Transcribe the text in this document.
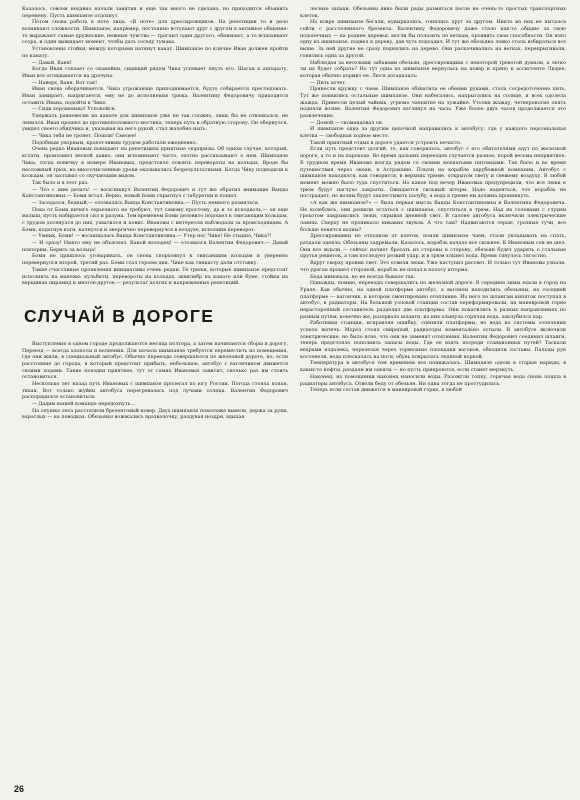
Казалось, совсем недавно начали занятия и еще так много не сделано, но приходится объявить перемену. Пусть шимпанзе отдохнут.

Потом снова работа в поте лица. «В поте» для дрессировщиков. На репетиции то и дело возникают сложности. Шимпанзе, например, постоянно вступают друг с другом в активное общение: то выражают самые дружеские, нежные чувства — трогают один другого, обнимают, а то вспыхивает ссора, и один выжидает момент, чтобы дать соседу тумака.

Установлены стойки, между которыми натянут канат. Шимпанзе по кличке Иван должен пройти по канату.

— Давай, Ваня!

Когда Иван слезает со скамейки, сидящий рядом Чика успевает пнуть его. Шагая к аппарату, Иван все оглядывается на драчуна.

— Наверх, Ваня. Вот так!

Иван снова оборачивается. Чика угрожающе приподнимается, будто собирается преследовать. Иван замирает, напрягается, ему не до исполнения трюка. Валентину Федоровичу приходится оставить Ивана, подойти к Чике.

— Сиди хорошенько! Успокойся.

Удержать равновесие на канате для шимпанзе уже не так сложно, лишь бы не отвлекался, не ленился. Иван прошел до противоположного мостика, теперь путь в обратную сторону. Он обернулся, увидел своего обидчика и, указывая на него рукой, стал жалобно ныть.

— Чика тебя не тронет. Пошли! Смелее!

Подобным упорным, кропотливым трудом работали ежедневно.

Очень редко Ивановых покидают на репетициях приятные сюрпризы. Об одном случае, который, кстати, произошел весной давно, они вспоминают часто, охотно рассказывают о нем. Шимпанзе Чика, тогда новичку в номере Ивановых, предстояло освоить перевороты на кольцах. Вроде бы несложный трюк, но многочисленные уроки оказывались безрезультатными. Когда Чику подводили к кольцам, он застывал со скучающим видом.

Так было и в этот раз.

— Что с ним делать! — воскликнул Валентин Федорович и тут же обратил внимание Ванды Константиновны.— Боми встал. Верно, новый Боми спрыгнул с табуретки и пошел.

— Заседался, бедный,— отозвалась Ванда Константиновна.— Пусть немного размяться.

Пока от Боми ничего серьезного не требуют, тут самому простому, да и то исподволь,— он еще малыш, пусть набирается сил и разума. Тем временем Боми деловито подошел к свисающим кольцам, с трудом дотянулся до них, ухватился и повис. Ивановы с интересом наблюдали за происходящим. А Боми, подогнув ноги, качнулся и энергично перевернулся в воздухе, исполнив переворот.

— Умник, Боми! — восхищалась Ванда Константиновна.— Утер нос Чике! Не стыдно, Чика?!

— И сразу! Никто ему не объяснял. Какой молодец! — отозвался Валентин Федорович.— Давай повторим. Берись за кольца!

Боми не пришлось уговаривать, он снова спорховнул к свисающим кольцам и уверенно перевернулся второй, третий раз. Боми стал героем дня. Чике как тянкасту дали отставку.

Такие счастливые проявления инициативы очень редки. Те трюки, которые шимпанзе предстоит исполнить на манеже: кульбиты, перевороты на кольцах, эквилибр на канате или буме, стойки на вершинах пирамид и многое-другое,— результат долгих и напряженных репетиций.

СЛУЧАЙ В ДОРОГЕ

Выступления в одном городе продолжаются месяца полтора, а затем начинаются сборы в дорогу. Переезд — всегда хлопоты и волнения. Для начала шимпанзе требуется переместить из помещения, где они жили, в специальный автобус. Обычно переезды совершаются по железной дороге, но, если расстояние до города, в который предстоит прибыть, небольшое, автобус с вагончиком движется своими ходами. Такие поездки приятнее, тут от самих Ивановых зависит, сколько раз им стоить остановиться.

Несколько лет назад путь Ивановых с шимпанзе пролегал по югу России. Погода стояла ясная, тихая. Вот только жуйки автобуса перегревалась под лучами солнца. Валентин Федорович распорядился остановиться:

— Дадим нашей команде передохнуть...

На опушке леса расстелили брезентовый ковер. Двух шимпанзе помоложе вывели, держа за руки, взрослых — на поводках. Обезьяны вожжались вразвалочку, раздувая ноздри, вдыхая

лесные запахи. Обезьяны явно были рады размяться после не очень-то простых транспортных клеток.

На ковре шимпанзе бегали, кувыркались, гонялись друг за другом. Никто из них не пытался сойти с расстеленного брезента. Валентину Федоровичу даже стало как-то обидно за свою подопечных — на родине деревья, могли бы полазить по веткам, проявить свои способности. Он взял одну из шимпанзе, подвел к дереву, дав чуть подсадил. И тут же обезьяна ловко стала взбираться все выше. За ней другие не сразу поднялись на дерево. Они раскачивались на ветках, перепрыгивали, гонялись одна за другой.

Наблюдая за веселыми забавами обезьян, дрессировщики с некоторой тревогой думали, а легко ли их будет собрать? Но тут одна из шимпанзе вернулась на ковер и пряно к ассистенте Людее, которая обычно кормит ее. Люся догадалась:

— Пить хочет.

Принесли кружку с чаем. Шимпанзе обхватила ее обеими руками, стала сосредоточенно пить. Тут же появились остальные шимпанзе. Они набегались, напрыгались на солнце, и всех одолела жажда. Принесли целый чайник, угрюмо чаепитие на лужайке. Утолив жажду, четвероногие опять подняли возню. Валентин Федорович взглянул на часы. Уже более двух часов продолжается это развлечение.

— Домой,— скомандовал он.

И шимпанзе одна за другим цепочкой направились к автобусу, где у каждого персональная клетка — свободная ходное место.

Такой приятный отдых в дороге удается устроить нечасто.

Если путь предстоит долгий, то, как говорилось, автобус с его обитателями едут по железной дороге, а то и на пароходе. Во время дальних переездов случается разное, порой весьма неприятное. В трудном время Ивановы всегда рядом со своими мохнатыми питомцами. Так было и во время путешествия через океан, в Астраханю. Плыли на корабле зарубежной компании. Автобус с шимпанзе находился, как говорится, в верхних трюме, открытом свету и свежему воздуху. В любой момент можно было туда спуститься. Но какое под вечер Ивановых предупредили, что все люки к трюм будут наглухо закрыты. Ожидается сильный шторм. Надо надеяться, что корабль не пострадает, но волны будут захлестывать палубу, а вода в трюме ни должна проникнуть.

«А как же шимпанзе?» — была первая мысль Ванды Константиновны и Валентина Федоровича. Не колеблясь, они решили остаться с шимпанзе, спуститься в трюм. Над их головами с глухим грохотом закрывались люки, скрывая дневной свет. В салоне автобуса включили электрические лампы. Сверху не проникало никаких звуков. А что там? Надвигаются серые, грозные тучи, все больше пенятся волны?

Дрессировщики не отходили от клеток, поили шимпанзе чаем, стали укладывать на спать, раздали одеяла. Обезьяны задремали. Казалось, корабль качало все сильнее. К Ивановым сон не шел. Они все ждали — сейчас начнет бросать из стороны в сторону, обезьян будет ударять о стальные прутья решеток, а там последует резкий удар, и в трюм хлынет вода. Время тянулось тягостно.

Вдруг сверху проник свет. Это отвили люки. Уже наступил рассвет. И только тут Ивановы узнали, что ураган прошел стороной, корабль не попал в полосу шторма.

Беда миновала, но не всегда бывало так.

Однажды, помню, переезды совершались по железной дороге. В середине зимы ехали в город на Урале. Как обычно, на одной платформе автобус, а вагоном находились обезьяны, на соседней платформе — вагончик, в котором смонтировано отопление. Из него по шлангам кипяток поступал в автобус, в радиаторы. На большой узловой станции состав переформировали, на маневровой горке нерасторопный составитель разделил две платформы. Они покатились в разных направлениях по разным путям, конечно же, разорвало шланги, из них хлынула горячая вода, заклубился пар.

Работники станции, исправляя ошибку, сцепили платформы, но вода из системы отопления успела вытечь. Мороз стоял свирепый, радиаторы моментально остыли. В автобусе включили электрические, но было ясно, что они не заменят отопления. Валентин Федорович соединил шланги, теперь предстояло пополнить запасы воды. Где ее взять посреди станционных путей? Таскали ведрами издалека, перелезая через тормозные площадки вагонов, обходили составы. Пальцы рук костенели, вода плескалась на ноги, обувь покрылась ледяной коркой.

Температура в автобусе тем временем все понижалась. Шимпанзе одели в старые наряды, в каких-то кофты, раздали им одеяла — но пусть прикроются, если станет мерзнуть.

Наконец, их помощники наконец наносили воды. Разожгли топку, горячая вода снова пошла в радиаторы автобуса. Отвели беду от обезьян. Ни одна тогда не простудилась.

Теперь если состав движется к маневровой горке, в любой

26
